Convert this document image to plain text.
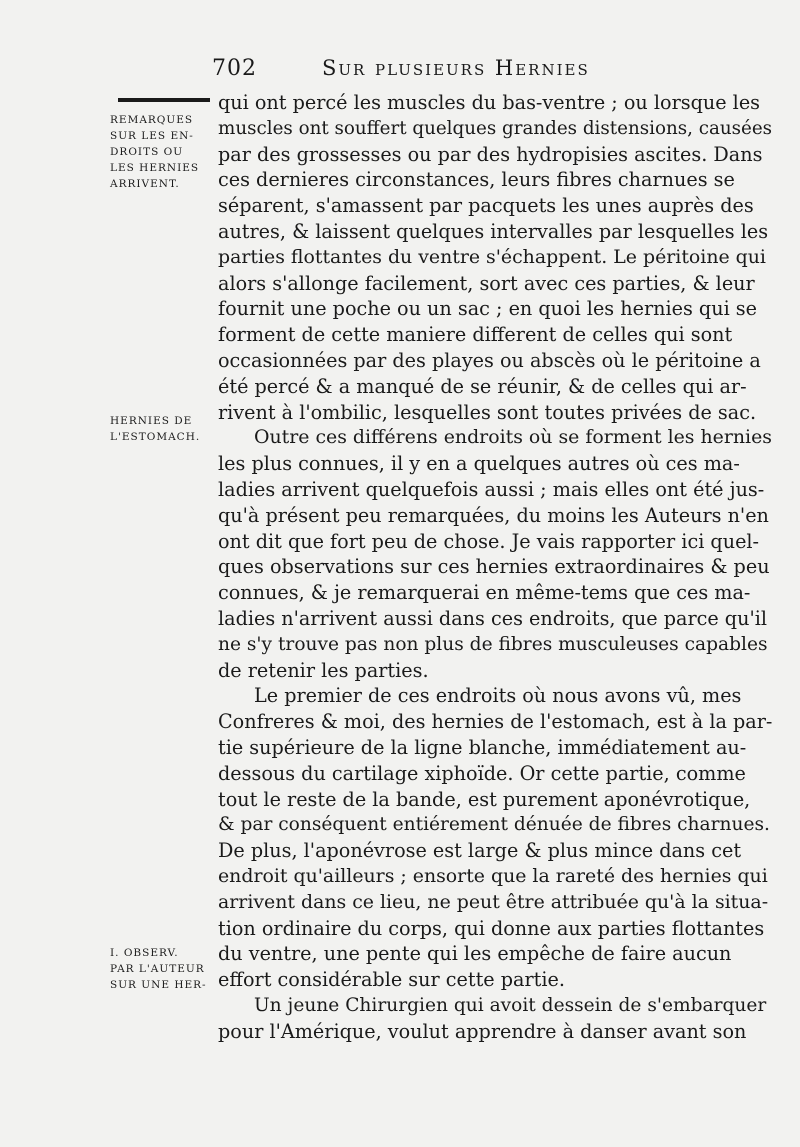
702	Sur plusieurs Hernies
REMARQUES
SUR LES EN-
DROITS OU
LES HERNIES
ARRIVENT.
HERNIES DE
L'ESTOMACH.
I. OBSERV.
PAR L'AUTEUR
SUR UNE HER-
qui ont percé les muscles du bas-ventre ; ou lorsque les
muscles ont souffert quelques grandes distensions, causées
par des grossesses ou par des hydropisies ascites. Dans
ces dernieres circonstances, leurs fibres charnues se
séparent, s'amassent par pacquets les unes auprès des
autres, & laissent quelques intervalles par lesquelles les
parties flottantes du ventre s'échappent. Le péritoine qui
alors s'allonge facilement, sort avec ces parties, & leur
fournit une poche ou un sac ; en quoi les hernies qui se
forment de cette maniere different de celles qui sont
occasionnées par des playes ou abscès où le péritoine a
été percé & a manqué de se réunir, & de celles qui ar-
rivent à l'ombilic, lesquelles sont toutes privées de sac.
Outre ces différens endroits où se forment les hernies
les plus connues, il y en a quelques autres où ces ma-
ladies arrivent quelquefois aussi ; mais elles ont été jus-
qu'à présent peu remarquées, du moins les Auteurs n'en
ont dit que fort peu de chose. Je vais rapporter ici quel-
ques observations sur ces hernies extraordinaires & peu
connues, & je remarquerai en même-tems que ces ma-
ladies n'arrivent aussi dans ces endroits, que parce qu'il
ne s'y trouve pas non plus de fibres musculeuses capables
de retenir les parties.
Le premier de ces endroits où nous avons vû, mes
Confreres & moi, des hernies de l'estomach, est à la par-
tie supérieure de la ligne blanche, immédiatement au-
dessous du cartilage xiphoïde. Or cette partie, comme
tout le reste de la bande, est purement aponévrotique,
& par conséquent entiérement dénuée de fibres charnues.
De plus, l'aponévrose est large & plus mince dans cet
endroit qu'ailleurs ; ensorte que la rareté des hernies qui
arrivent dans ce lieu, ne peut être attribuée qu'à la situa-
tion ordinaire du corps, qui donne aux parties flottantes
du ventre, une pente qui les empêche de faire aucun
effort considérable sur cette partie.
Un jeune Chirurgien qui avoit dessein de s'embarquer
pour l'Amérique, voulut apprendre à danser avant son
